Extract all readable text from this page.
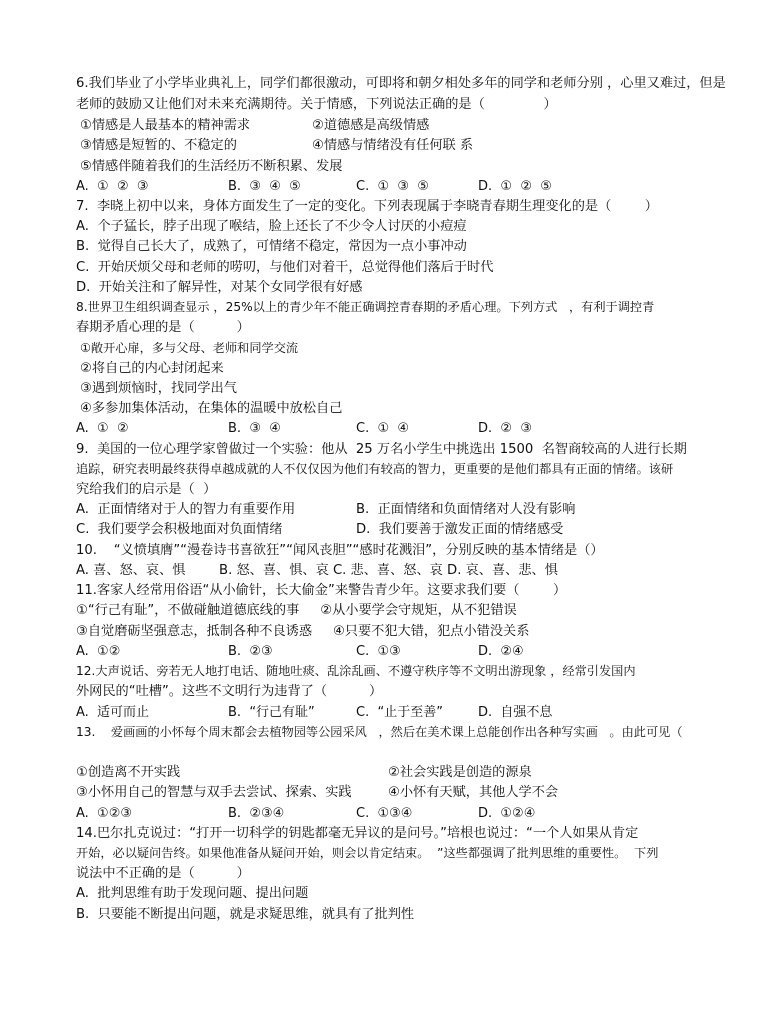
6.我们毕业了小学毕业典礼上，同学们都很激动，可即将和朝夕相处多年的同学和老师分别 ，心里又难过，但是
老师的鼓励又让他们对未来充满期待。关于情感，下列说法正确的是（              ）
①情感是人最基本的精神需求	②道德感是高级情感
③情感是短暂的、不稳定的	④情感与情绪没有任何联 系
⑤情感伴随着我们的生活经历不断积累、发展
A.  ①  ②  ③	B.  ③  ④  ⑤	C.  ①  ③  ⑤	D.  ①  ②  ⑤
7.  李晓上初中以来，身体方面发生了一定的变化。下列表现属于李晓青春期生理变化的是（        ）
A.  个子猛长，脖子出现了喉结，脸上还长了不少令人讨厌的小痘痘
B.  觉得自己长大了，成熟了，可情绪不稳定，常因为一点小事冲动
C.  开始厌烦父母和老师的唠叨，与他们对着干，总觉得他们落后于时代
D.  开始关注和了解异性，对某个女同学很有好感
8.世界卫生组织调查显示 ，25%以上的青少年不能正确调控青春期的矛盾心理。下列方式   ，有利于调控青
春期矛盾心理的是（          ）
①敞开心扉，多与父母、老师和同学交流
②将自己的内心封闭起来
③遇到烦恼时，找同学出气
④多参加集体活动，在集体的温暖中放松自己
A.  ①  ②	B.  ③  ④	C.  ①  ④	D.  ②  ③
9.  美国的一位心理学家曾做过一个实验：他从  25 万名小学生中挑选出 1500  名智商较高的人进行长期
追踪，研究表明最终获得卓越成就的人不仅仅因为他们有较高的智力，更重要的是他们都具有正面的情绪。该研
究给我们的启示是（  ）
A.  正面情绪对于人的智力有重要作用	B.  正面情绪和负面情绪对人没有影响
C.  我们要学会积极地面对负面情绪	D.  我们要善于激发正面的情绪感受
10.    “义愤填膺”“漫卷诗书喜欲狂”“闻风丧胆”“感时花溅泪”，分别反映的基本情绪是（）
A. 喜、怒、哀、惧        B. 怒、喜、惧、哀 C. 悲、喜、怒、哀 D. 哀、喜、悲、惧
11.客家人经常用俗语“从小偷针，长大偷金”来警告青少年。这要求我们要（        ）
①“行己有耻”，不做碰触道德底线的事     ②从小要学会守规矩，从不犯错误
③自觉磨砺坚强意志，抵制各种不良诱惑     ④只要不犯大错，犯点小错没关系
A.  ①②	B.  ②③	C.  ①③	D.  ②④
12.大声说话、旁若无人地打电话、随地吐痰、乱涂乱画、不遵守秩序等不文明出游现象 ，经常引发国内
外网民的“吐槽”。这些不文明行为违背了（          ）
A.  适可而止	B.  “行己有耻”	C.  “止于至善”	D.  自强不息
13.    爱画画的小怀每个周末都会去植物园等公园采风   ，然后在美术课上总能创作出各种写实画   。由此可见（
①创造离不开实践	②社会实践是创造的源泉
③小怀用自己的智慧与双手去尝试、探索、实践	④小怀有天赋，其他人学不会
A.  ①②③	B.  ②③④	C.  ①③④	D.  ①②④
14.巴尔扎克说过：“打开一切科学的钥匙都毫无异议的是问号。”培根也说过：“一个人如果从肯定
开始，必以疑问告终。如果他准备从疑问开始，则会以肯定结束。  ”这些都强调了批判思维的重要性。  下列
说法中不正确的是（          ）
A.  批判思维有助于发现问题、提出问题
B.  只要能不断提出问题，就是求疑思维，就具有了批判性
